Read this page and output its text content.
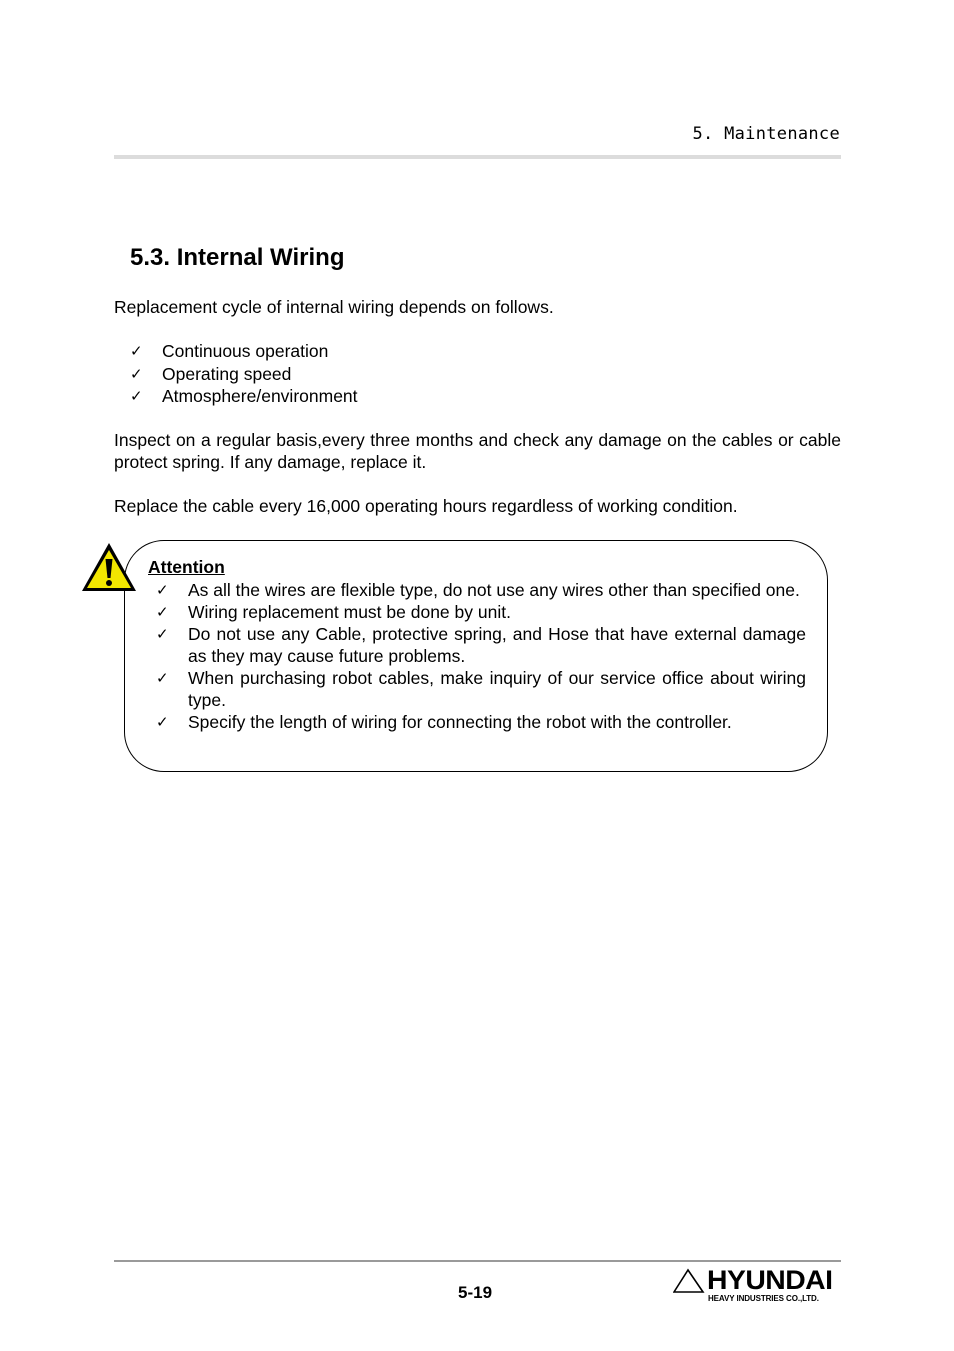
5. Maintenance
5.3. Internal Wiring

Replacement cycle of internal wiring depends on follows.

✓	Continuous operation
✓	Operating speed
✓	Atmosphere/environment

Inspect on a regular basis,every three months and check any damage on the cables or cable protect spring. If any damage, replace it.

Replace the cable every 16,000 operating hours regardless of working condition.

Attention
✓	As all the wires are flexible type, do not use any wires other than specified one.
✓	Wiring replacement must be done by unit.
✓	Do not use any Cable, protective spring, and Hose that have external damage as they may cause future problems.
✓	When purchasing robot cables, make inquiry of our service office about wiring type.
✓	Specify the length of wiring for connecting the robot with the controller.
5-19	HYUNDAI
HEAVY INDUSTRIES CO.,LTD.
